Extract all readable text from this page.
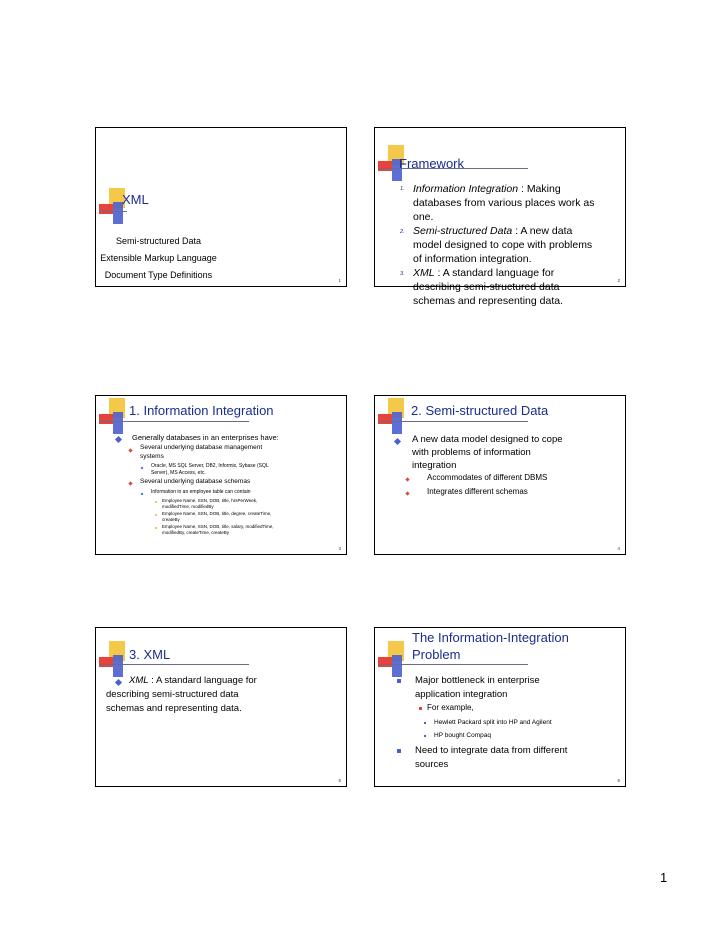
XML
Semi-structured Data
Extensible Markup Language
Document Type Definitions
1
Framework
1. Information Integration : Making
databases from various places work as
one.
2. Semi-structured Data : A new data
model designed to cope with problems
of information integration.
3. XML : A standard language for
describing semi-structured data
schemas and representing data.
2
1. Information Integration
Generally databases in an enterprises have:
Several underlying database management
systems
Oracle, MS SQL Server, DB2, Informix, Sybase (SQL
Server), MS Access, etc.
Several underlying database schemas
Information in an employee table can contain
Employee Name, SSN, DOB, title, hrsPerWeek,
modifiedTime, modifiedBy
Employee Name, SSN, DOB, title, degree, createTime,
createBy
Employee Name, SSN, DOB, title, salary, modifiedTime,
modifiedBy, createTime, createBy
3
2. Semi-structured Data
A new data model designed to cope
with problems of information
integration
Accommodates of different DBMS
Integrates different schemas
4
3. XML
XML : A standard language for
describing semi-structured data
schemas and representing data.
5
The Information-Integration
Problem
Major bottleneck in enterprise
application integration
For example,
Hewlett Packard split into HP and Agilent
HP bought Compaq
Need to integrate data from different
sources
6
1
